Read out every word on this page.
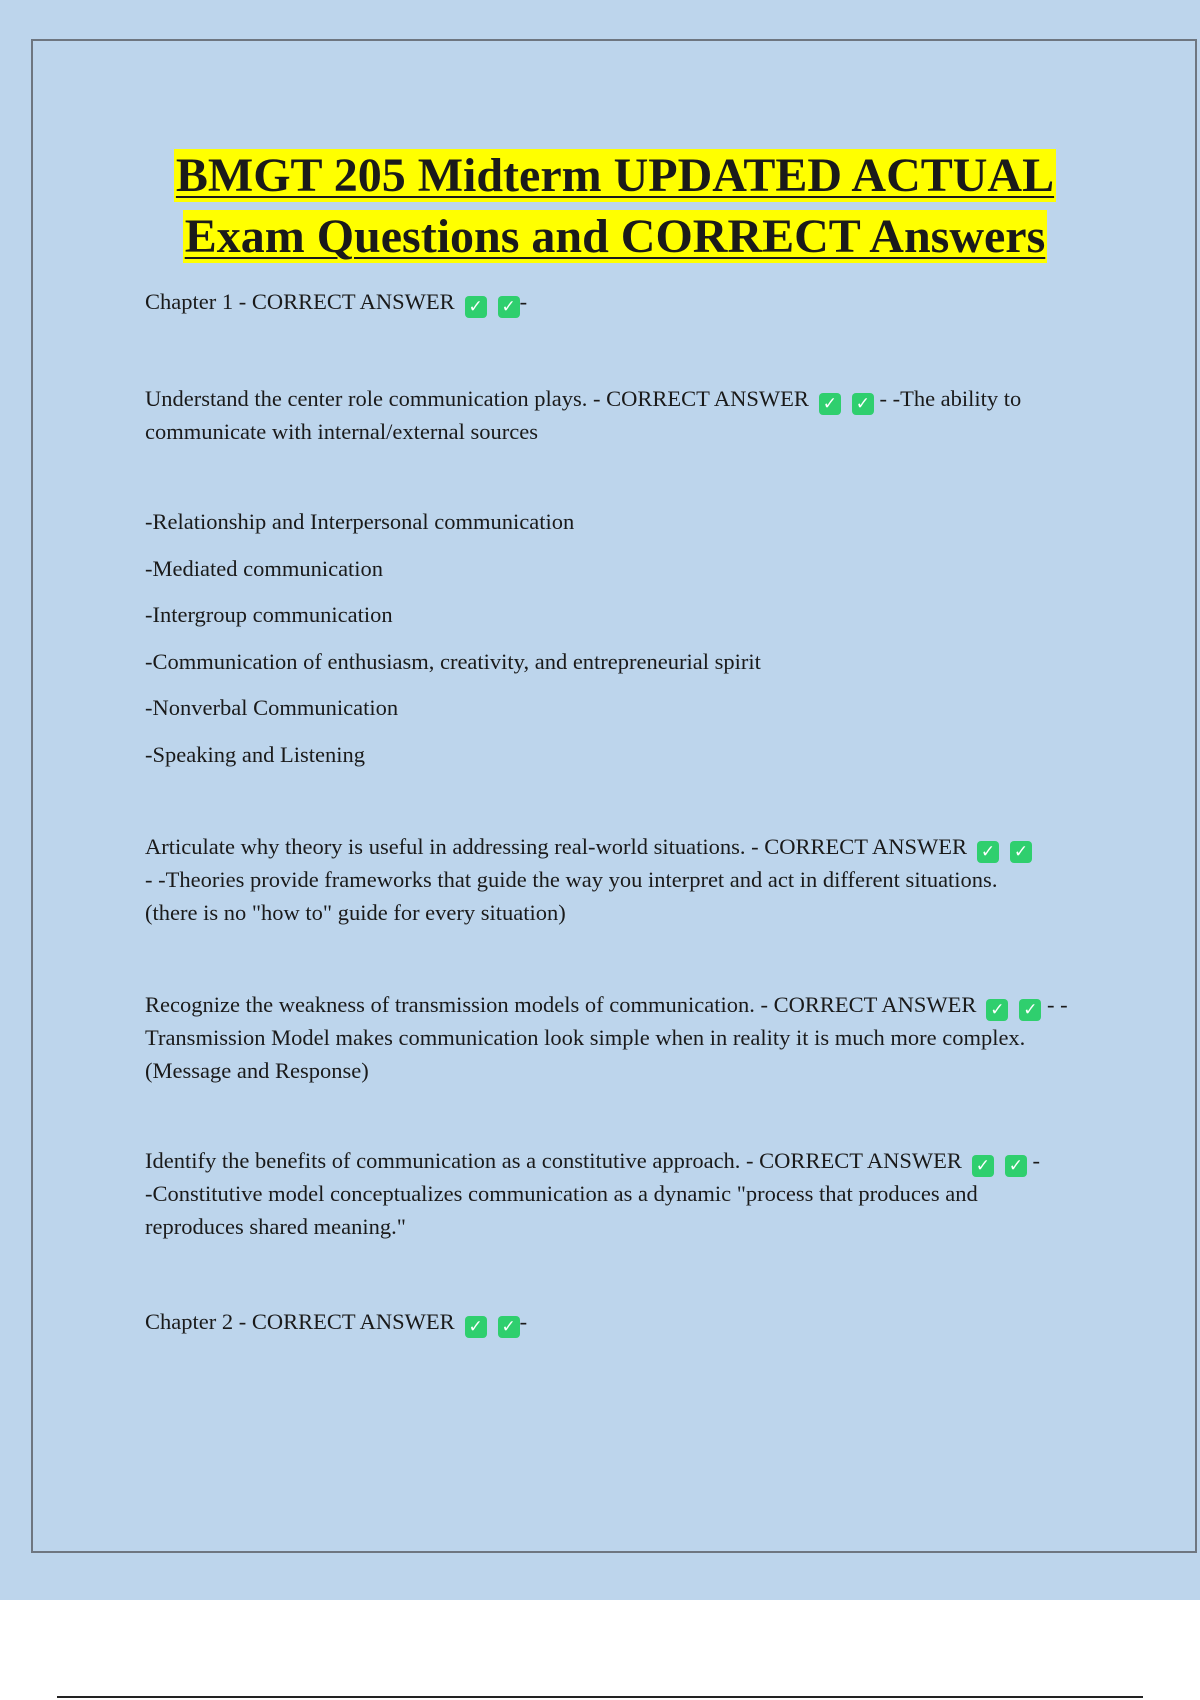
BMGT 205 Midterm UPDATED ACTUAL
Exam Questions and CORRECT Answers

Chapter 1 - CORRECT ANSWER ✓ ✓ -

Understand the center role communication plays. - CORRECT ANSWER ✓ ✓ - -The ability to communicate with internal/external sources

-Relationship and Interpersonal communication

-Mediated communication

-Intergroup communication

-Communication of enthusiasm, creativity, and entrepreneurial spirit

-Nonverbal Communication

-Speaking and Listening

Articulate why theory is useful in addressing real-world situations. - CORRECT ANSWER ✓ ✓ - -Theories provide frameworks that guide the way you interpret and act in different situations. (there is no "how to" guide for every situation)

Recognize the weakness of transmission models of communication. - CORRECT ANSWER ✓ ✓ - -Transmission Model makes communication look simple when in reality it is much more complex. (Message and Response)

Identify the benefits of communication as a constitutive approach. - CORRECT ANSWER ✓ ✓ - -Constitutive model conceptualizes communication as a dynamic "process that produces and reproduces shared meaning."

Chapter 2 - CORRECT ANSWER ✓ ✓ -
